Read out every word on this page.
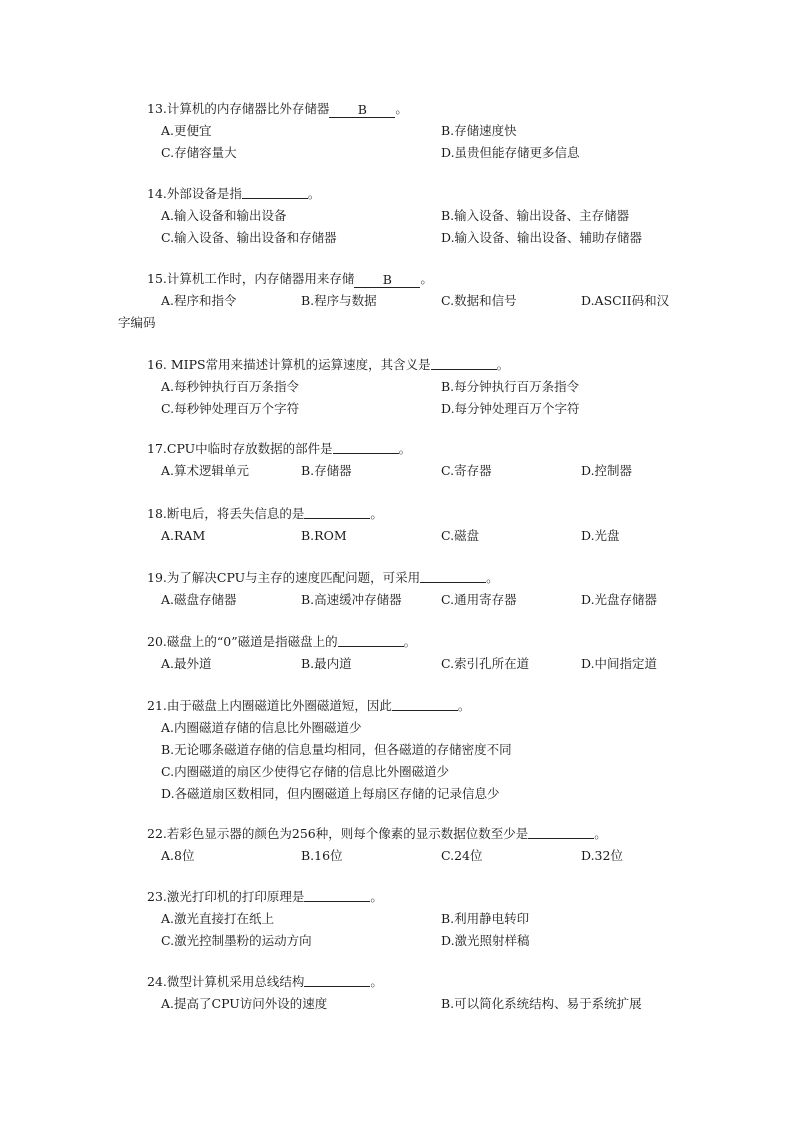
13.计算机的内存储器比外存储器 B 。
A.更便宜	B.存储速度快
C.存储容量大	D.虽贵但能存储更多信息
14.外部设备是指	。
A.输入设备和输出设备	B.输入设备、输出设备、主存储器
C.输入设备、输出设备和存储器	D.输入设备、输出设备、辅助存储器
15.计算机工作时，内存储器用来存储 B 。
A.程序和指令	B.程序与数据	C.数据和信号	D.ASCII码和汉
字编码
16. MIPS常用来描述计算机的运算速度，其含义是	。
A.每秒钟执行百万条指令	B.每分钟执行百万条指令
C.每秒钟处理百万个字符	D.每分钟处理百万个字符
17.CPU中临时存放数据的部件是	。
A.算术逻辑单元	B.存储器	C.寄存器	D.控制器
18.断电后，将丢失信息的是	。
A.RAM	B.ROM	C.磁盘	D.光盘
19.为了解决CPU与主存的速度匹配问题，可采用	。
A.磁盘存储器	B.高速缓冲存储器	C.通用寄存器	D.光盘存储器
20.磁盘上的“0”磁道是指磁盘上的	。
A.最外道	B.最内道	C.索引孔所在道	D.中间指定道
21.由于磁盘上内圈磁道比外圈磁道短，因此	。
A.内圈磁道存储的信息比外圈磁道少
B.无论哪条磁道存储的信息量均相同，但各磁道的存储密度不同
C.内圈磁道的扇区少使得它存储的信息比外圈磁道少
D.各磁道扇区数相同，但内圈磁道上每扇区存储的记录信息少
22.若彩色显示器的颜色为256种，则每个像素的显示数据位数至少是	。
A.8位	B.16位	C.24位	D.32位
23.激光打印机的打印原理是	。
A.激光直接打在纸上	B.利用静电转印
C.激光控制墨粉的运动方向	D.激光照射样稿
24.微型计算机采用总线结构	。
A.提高了CPU访问外设的速度	B.可以简化系统结构、易于系统扩展
